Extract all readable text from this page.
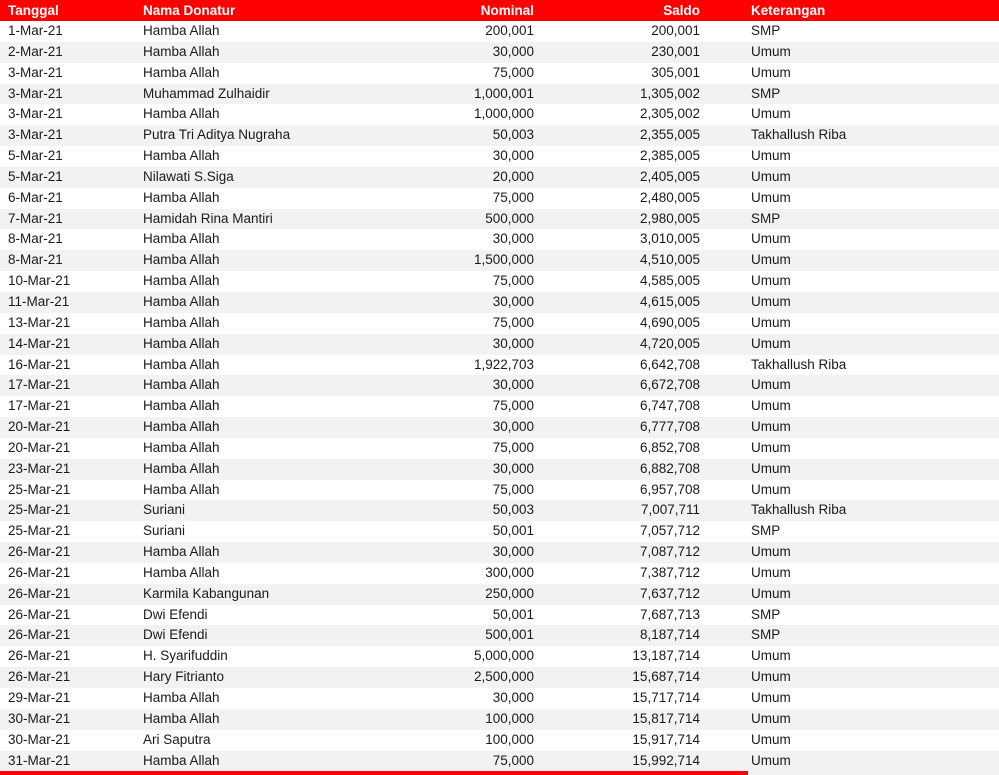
Tanggal	Nama Donatur	Nominal	Saldo	Keterangan
1-Mar-21	Hamba Allah	200,001	200,001	SMP
2-Mar-21	Hamba Allah	30,000	230,001	Umum
3-Mar-21	Hamba Allah	75,000	305,001	Umum
3-Mar-21	Muhammad Zulhaidir	1,000,001	1,305,002	SMP
3-Mar-21	Hamba Allah	1,000,000	2,305,002	Umum
3-Mar-21	Putra Tri Aditya Nugraha	50,003	2,355,005	Takhallush Riba
5-Mar-21	Hamba Allah	30,000	2,385,005	Umum
5-Mar-21	Nilawati S.Siga	20,000	2,405,005	Umum
6-Mar-21	Hamba Allah	75,000	2,480,005	Umum
7-Mar-21	Hamidah Rina Mantiri	500,000	2,980,005	SMP
8-Mar-21	Hamba Allah	30,000	3,010,005	Umum
8-Mar-21	Hamba Allah	1,500,000	4,510,005	Umum
10-Mar-21	Hamba Allah	75,000	4,585,005	Umum
11-Mar-21	Hamba Allah	30,000	4,615,005	Umum
13-Mar-21	Hamba Allah	75,000	4,690,005	Umum
14-Mar-21	Hamba Allah	30,000	4,720,005	Umum
16-Mar-21	Hamba Allah	1,922,703	6,642,708	Takhallush Riba
17-Mar-21	Hamba Allah	30,000	6,672,708	Umum
17-Mar-21	Hamba Allah	75,000	6,747,708	Umum
20-Mar-21	Hamba Allah	30,000	6,777,708	Umum
20-Mar-21	Hamba Allah	75,000	6,852,708	Umum
23-Mar-21	Hamba Allah	30,000	6,882,708	Umum
25-Mar-21	Hamba Allah	75,000	6,957,708	Umum
25-Mar-21	Suriani	50,003	7,007,711	Takhallush Riba
25-Mar-21	Suriani	50,001	7,057,712	SMP
26-Mar-21	Hamba Allah	30,000	7,087,712	Umum
26-Mar-21	Hamba Allah	300,000	7,387,712	Umum
26-Mar-21	Karmila Kabangunan	250,000	7,637,712	Umum
26-Mar-21	Dwi Efendi	50,001	7,687,713	SMP
26-Mar-21	Dwi Efendi	500,001	8,187,714	SMP
26-Mar-21	H. Syarifuddin	5,000,000	13,187,714	Umum
26-Mar-21	Hary Fitrianto	2,500,000	15,687,714	Umum
29-Mar-21	Hamba Allah	30,000	15,717,714	Umum
30-Mar-21	Hamba Allah	100,000	15,817,714	Umum
30-Mar-21	Ari Saputra	100,000	15,917,714	Umum
31-Mar-21	Hamba Allah	75,000	15,992,714	Umum
